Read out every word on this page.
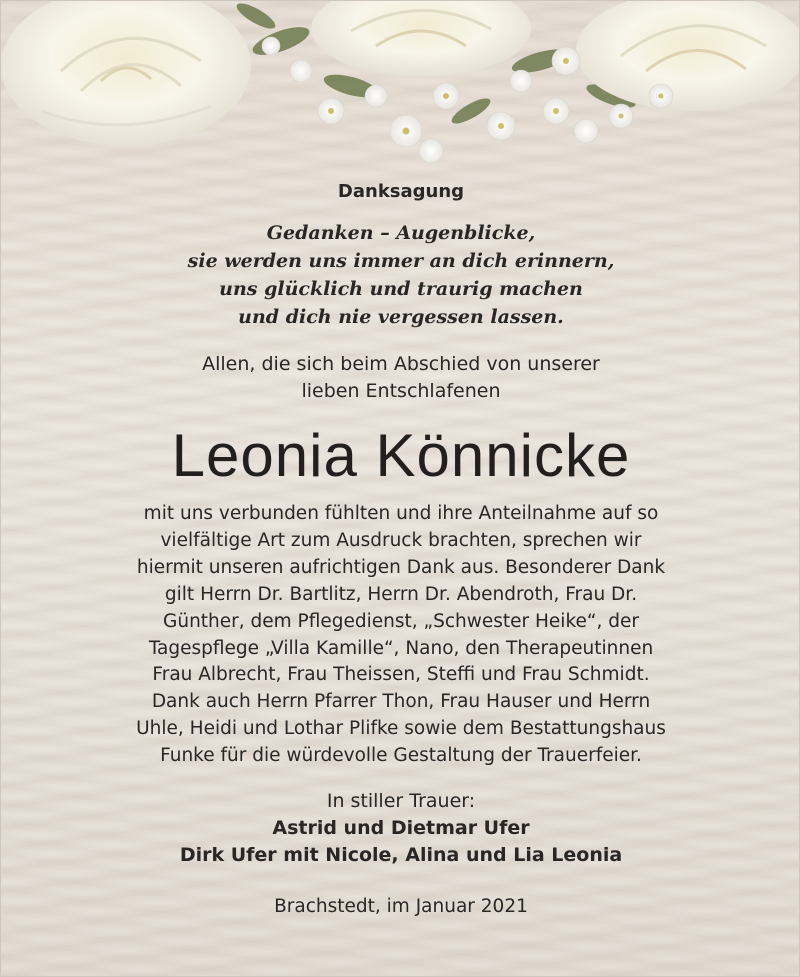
Danksagung
Gedanken – Augenblicke,
sie werden uns immer an dich erinnern,
uns glücklich und traurig machen
und dich nie vergessen lassen.
Allen, die sich beim Abschied von unserer
lieben Entschlafenen
Leonia Könnicke
mit uns verbunden fühlten und ihre Anteilnahme auf so
vielfältige Art zum Ausdruck brachten, sprechen wir
hiermit unseren aufrichtigen Dank aus. Besonderer Dank
gilt Herrn Dr. Bartlitz, Herrn Dr. Abendroth, Frau Dr.
Günther, dem Pflegedienst, „Schwester Heike“, der
Tagespflege „Villa Kamille“, Nano, den Therapeutinnen
Frau Albrecht, Frau Theissen, Steffi und Frau Schmidt.
Dank auch Herrn Pfarrer Thon, Frau Hauser und Herrn
Uhle, Heidi und Lothar Plifke sowie dem Bestattungshaus
Funke für die würdevolle Gestaltung der Trauerfeier.
In stiller Trauer:
Astrid und Dietmar Ufer
Dirk Ufer mit Nicole, Alina und Lia Leonia
Brachstedt, im Januar 2021
